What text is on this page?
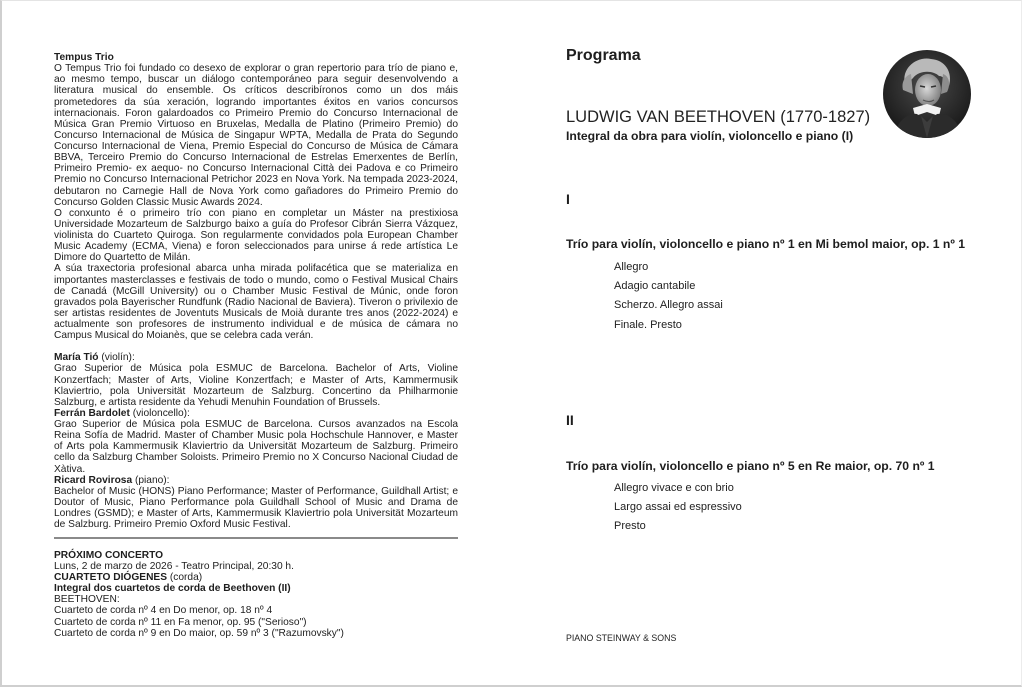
Tempus Trio

O Tempus Trio foi fundado co desexo de explorar o gran repertorio para trío de piano e, ao mesmo tempo, buscar un diálogo contemporáneo para seguir desenvolvendo a literatura musical do ensemble. Os críticos describíronos como un dos máis prometedores da súa xeración, logrando importantes éxitos en varios concursos internacionais. Foron galardoados co Primeiro Premio do Concurso Internacional de Música Gran Premio Virtuoso en Bruxelas, Medalla de Platino (Primeiro Premio) do Concurso Internacional de Música de Singapur WPTA, Medalla de Prata do Segundo Concurso Internacional de Viena, Premio Especial do Concurso de Música de Cámara BBVA, Terceiro Premio do Concurso Internacional de Estrelas Emerxentes de Berlín, Primeiro Premio- ex aequo- no Concurso Internacional Città dei Padova e co Primeiro Premio no Concurso Internacional Petrichor 2023 en Nova York. Na tempada 2023-2024, debutaron no Carnegie Hall de Nova York como gañadores do Primeiro Premio do Concurso Golden Classic Music Awards 2024.

O conxunto é o primeiro trío con piano en completar un Máster na prestixiosa Universidade Mozarteum de Salzburgo baixo a guía do Profesor Cibrán Sierra Vázquez, violinista do Cuarteto Quiroga. Son regularmente convidados pola European Chamber Music Academy (ECMA, Viena) e foron seleccionados para unirse á rede artística Le Dimore do Quartetto de Milán.

A súa traxectoria profesional abarca unha mirada polifacética que se materializa en importantes masterclasses e festivais de todo o mundo, como o Festival Musical Chairs de Canadá (McGill University) ou o Chamber Music Festival de Múnic, onde foron gravados pola Bayerischer Rundfunk (Radio Nacional de Baviera). Tiveron o privilexio de ser artistas residentes de Joventuts Musicals de Moià durante tres anos (2022-2024) e actualmente son profesores de instrumento individual e de música de cámara no Campus Musical do Moianès, que se celebra cada verán.

María Tió (violín):

Grao Superior de Música pola ESMUC de Barcelona. Bachelor of Arts, Violine Konzertfach; Master of Arts, Violine Konzertfach; e Master of Arts, Kammermusik Klaviertrio, pola Universität Mozarteum de Salzburg. Concertino da Philharmonie Salzburg, e artista residente da Yehudi Menuhin Foundation of Brussels.

Ferrán Bardolet (violoncello):

Grao Superior de Música pola ESMUC de Barcelona. Cursos avanzados na Escola Reina Sofía de Madrid. Master of Chamber Music pola Hochschule Hannover, e Master of Arts pola Kammermusik Klaviertrio da Universität Mozarteum de Salzburg. Primeiro cello da Salzburg Chamber Soloists. Primeiro Premio no X Concurso Nacional Ciudad de Xàtiva.

Ricard Rovirosa (piano):

Bachelor of Music (HONS) Piano Performance; Master of Performance, Guildhall Artist; e Doutor of Music, Piano Performance pola Guildhall School of Music and Drama de Londres (GSMD); e Master of Arts, Kammermusik Klaviertrio pola Universität Mozarteum de Salzburg. Primeiro Premio Oxford Music Festival.

PRÓXIMO CONCERTO
Luns, 2 de marzo de 2026 - Teatro Principal, 20:30 h.
CUARTETO DIÓGENES (corda)
Integral dos cuartetos de corda de Beethoven (II)
BEETHOVEN:
Cuarteto de corda nº 4 en Do menor, op. 18 nº 4
Cuarteto de corda nº 11 en Fa menor, op. 95 ("Serioso")
Cuarteto de corda nº 9 en Do maior, op. 59 nº 3 ("Razumovsky")
Programa
LUDWIG VAN BEETHOVEN (1770-1827)
Integral da obra para violín, violoncello e piano (I)
I
Trío para violín, violoncello e piano nº 1 en Mi bemol maior, op. 1 nº 1
Allegro
Adagio cantabile
Scherzo. Allegro assai
Finale. Presto
II
Trío para violín, violoncello e piano nº 5 en Re maior, op. 70 nº 1
Allegro vivace e con brio
Largo assai ed espressivo
Presto
PIANO STEINWAY & SONS
